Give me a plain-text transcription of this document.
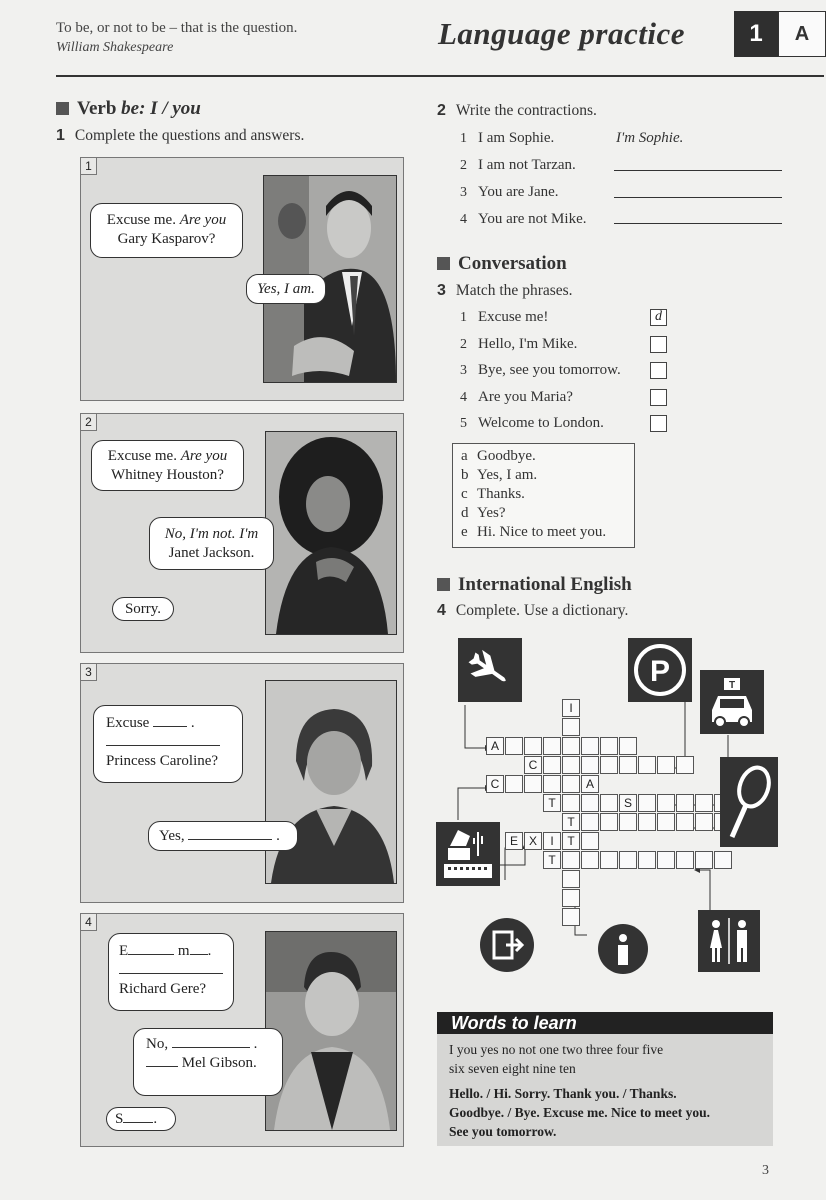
To be, or not to be – that is the question.
William Shakespeare	Language practice	1	A
Verb be: I / you
1 Complete the questions and answers.
1
Excuse me. Are you
Gary Kasparov?
Yes, I am.
2
Excuse me. Are you
Whitney Houston?
No, I'm not. I'm
Janet Jackson.
Sorry.
3
Excuse	.

Princess Caroline?
Yes,	.
4
E	m .

Richard Gere?
No,	.
Mel Gibson.
S .
2 Write the contractions.
1 I am Sophie.	I'm Sophie.
2 I am not Tarzan.
3 You are Jane.
4 You are not Mike.
Conversation
3 Match the phrases.
1 Excuse me!	d
2 Hello, I'm Mike.
3 Bye, see you tomorrow.
4 Are you Maria?
5 Welcome to London.
a Goodbye.
b Yes, I am.
c Thanks.
d Yes?
e Hi. Nice to meet you.
International English
4 Complete. Use a dictionary.
A
C
C	A
T	S
T
E X	I	T
T
I
P	T
Words to learn

I you yes no not one two three four five

six seven eight nine ten

Hello. / Hi. Sorry. Thank you. / Thanks.

Goodbye. / Bye. Excuse me. Nice to meet you.

See you tomorrow.

3
